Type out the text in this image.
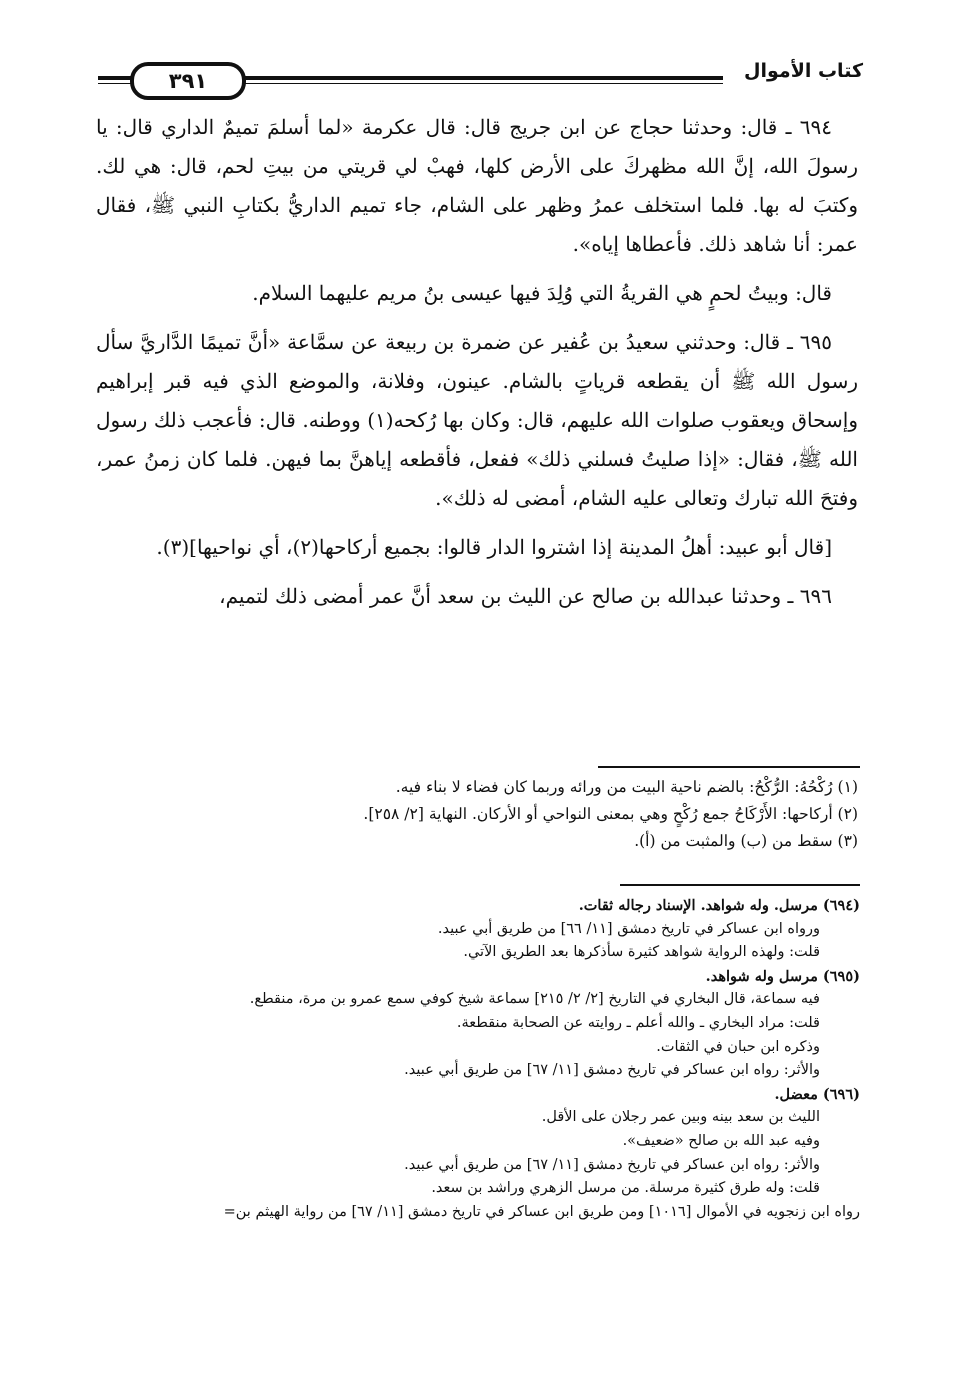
كتاب الأموال
٣٩١

٦٩٤ ـ قال: وحدثنا حجاج عن ابن جريج قال: قال عكرمة «لما أسلمَ تميمٌ الداري قال: يا رسولَ الله، إنَّ الله مظهركَ على الأرض كلها، فهبْ لي قريتي من بيتِ لحم، قال: هي لك. وكتبَ له بها. فلما استخلف عمرُ وظهر على الشام، جاء تميم الداريُّ بكتابِ النبي ﷺ، فقال عمر: أنا شاهد ذلك. فأعطاها إياه».

قال: وبيتُ لحمٍ هي القريةُ التي وُلِدَ فيها عيسى بنُ مريم عليهما السلام.

٦٩٥ ـ قال: وحدثني سعيدُ بن عُفير عن ضمرة بن ربيعة عن سمَّاعة «أنَّ تميمًا الدَّاريَّ سأل رسول الله ﷺ أن يقطعه قرياتٍ بالشام. عينون، وفلانة، والموضع الذي فيه قبر إبراهيم وإسحاق ويعقوب صلوات الله عليهم، قال: وكان بها رُكحه(١) ووطنه. قال: فأعجب ذلك رسول الله ﷺ، فقال: «إذا صليتُ فسلني ذلك» ففعل، فأقطعه إياهنَّ بما فيهن. فلما كان زمنُ عمر، وفتحَ الله تبارك وتعالى عليه الشام، أمضى له ذلك».

[قال أبو عبيد: أهلُ المدينة إذا اشتروا الدار قالوا: بجميع أركاحها(٢)، أي نواحيها](٣).

٦٩٦ ـ وحدثنا عبدالله بن صالح عن الليث بن سعد أنَّ عمر أمضى ذلك لتميم،

(١) رُكْحُهُ: الرُّكْحُ: بالضم ناحية البيت من ورائه وربما كان فضاء لا بناء فيه.
(٢) أركاحها: الأَرْكَاحُ جمع رُكْحٍ وهي بمعنى النواحي أو الأركان. النهاية [٢/ ٢٥٨].
(٣) سقط من (ب) والمثبت من (أ).
(٦٩٤) مرسل. وله شواهد. الإسناد رجاله ثقات.
ورواه ابن عساكر في تاريخ دمشق [١١/ ٦٦] من طريق أبي عبيد.
قلت: ولهذه الرواية شواهد كثيرة سأذكرها بعد الطريق الآتي.
(٦٩٥) مرسل وله شواهد.
فيه سماعة، قال البخاري في التاريخ [٢/ ٢/ ٢١٥] سماعة شيخ كوفي سمع عمرو بن مرة، منقطع.
قلت: مراد البخاري ـ والله أعلم ـ روايته عن الصحابة منقطعة.
وذكره ابن حبان في الثقات.
والأثر: رواه ابن عساكر في تاريخ دمشق [١١/ ٦٧] من طريق أبي عبيد.
(٦٩٦) معضل.
الليث بن سعد بينه وبين عمر رجلان على الأقل.
وفيه عبد الله بن صالح «ضعيف».
والأثر: رواه ابن عساكر في تاريخ دمشق [١١/ ٦٧] من طريق أبي عبيد.
قلت: وله طرق كثيرة مرسلة. من مرسل الزهري وراشد بن سعد.
رواه ابن زنجويه في الأموال [١٠١٦] ومن طريق ابن عساكر في تاريخ دمشق [١١/ ٦٧] من رواية الهيثم بن=
